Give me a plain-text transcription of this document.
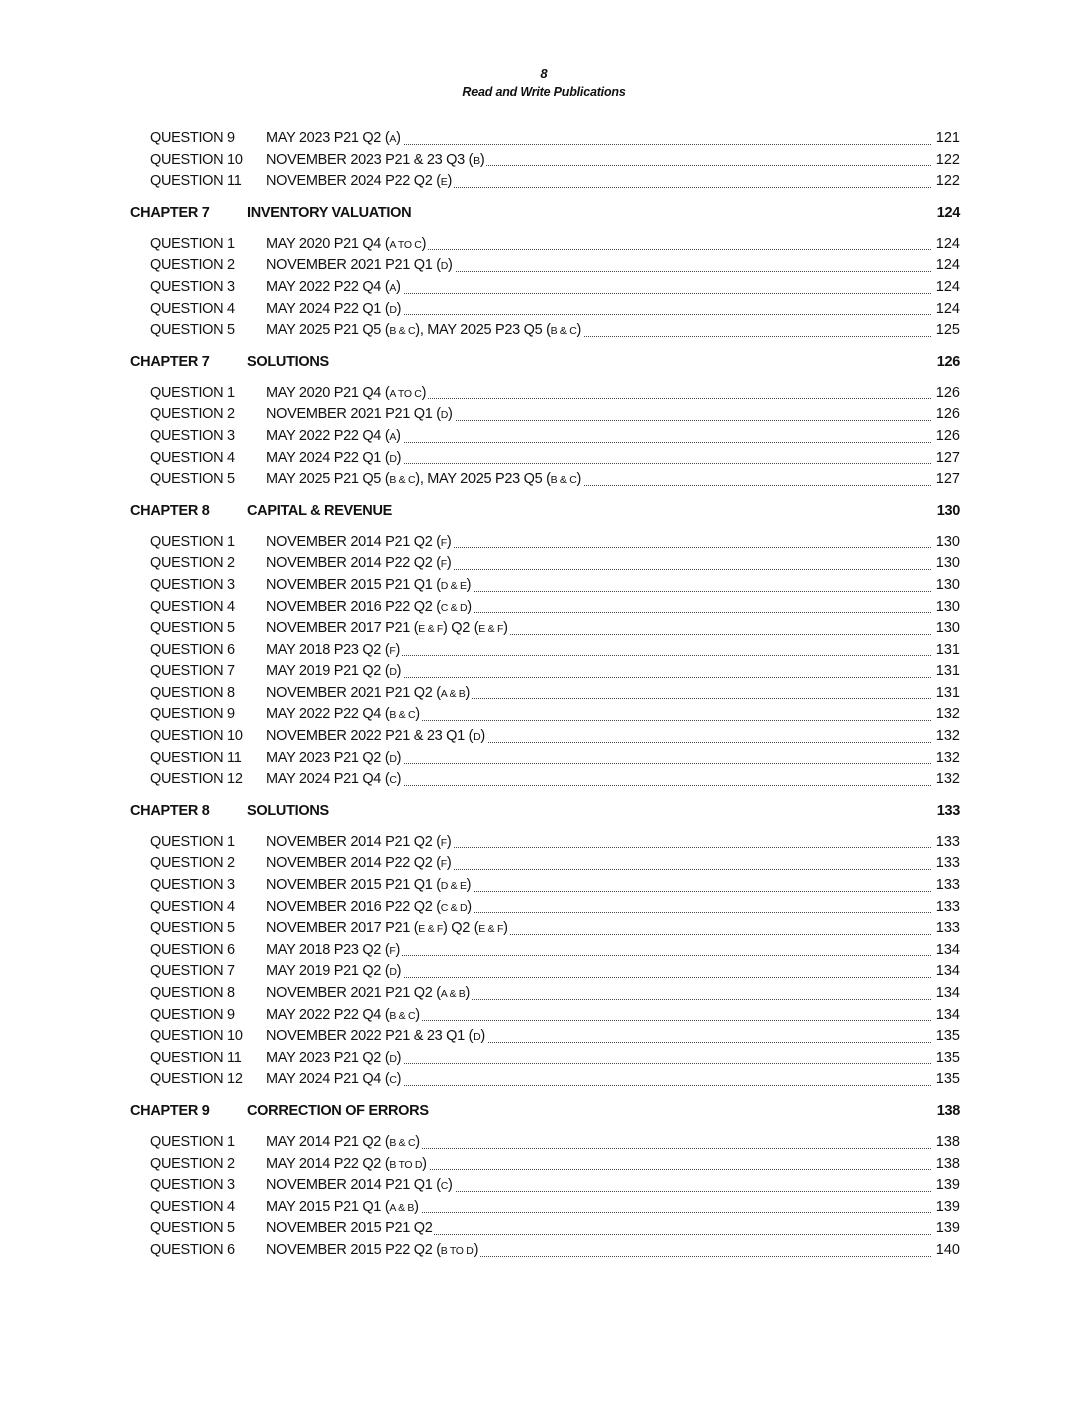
8
Read and Write Publications
QUESTION 9 MAY 2023 P21 Q2 (A)	121
QUESTION 10 NOVEMBER 2023 P21 & 23 Q3 (B)	122
QUESTION 11 NOVEMBER 2024 P22 Q2 (E)	122
CHAPTER 7	INVENTORY VALUATION	124
QUESTION 1 MAY 2020 P21 Q4 (A TO C)	124
QUESTION 2 NOVEMBER 2021 P21 Q1 (D)	124
QUESTION 3 MAY 2022 P22 Q4 (A)	124
QUESTION 4 MAY 2024 P22 Q1 (D)	124
QUESTION 5 MAY 2025 P21 Q5 (B & C), MAY 2025 P23 Q5 (B & C)	125
CHAPTER 7	SOLUTIONS	126
QUESTION 1 MAY 2020 P21 Q4 (A TO C)	126
QUESTION 2 NOVEMBER 2021 P21 Q1 (D)	126
QUESTION 3 MAY 2022 P22 Q4 (A)	126
QUESTION 4 MAY 2024 P22 Q1 (D)	127
QUESTION 5 MAY 2025 P21 Q5 (B & C), MAY 2025 P23 Q5 (B & C)	127
CHAPTER 8	CAPITAL & REVENUE	130
QUESTION 1 NOVEMBER 2014 P21 Q2 (F)	130
QUESTION 2 NOVEMBER 2014 P22 Q2 (F)	130
QUESTION 3 NOVEMBER 2015 P21 Q1 (D & E)	130
QUESTION 4 NOVEMBER 2016 P22 Q2 (C & D)	130
QUESTION 5 NOVEMBER 2017 P21 (E & F) Q2 (E & F)	130
QUESTION 6 MAY 2018 P23 Q2 (F)	131
QUESTION 7 MAY 2019 P21 Q2 (D)	131
QUESTION 8 NOVEMBER 2021 P21 Q2 (A & B)	131
QUESTION 9 MAY 2022 P22 Q4 (B & C)	132
QUESTION 10 NOVEMBER 2022 P21 & 23 Q1 (D)	132
QUESTION 11 MAY 2023 P21 Q2 (D)	132
QUESTION 12 MAY 2024 P21 Q4 (C)	132
CHAPTER 8	SOLUTIONS	133
QUESTION 1 NOVEMBER 2014 P21 Q2 (F)	133
QUESTION 2 NOVEMBER 2014 P22 Q2 (F)	133
QUESTION 3 NOVEMBER 2015 P21 Q1 (D & E)	133
QUESTION 4 NOVEMBER 2016 P22 Q2 (C & D)	133
QUESTION 5 NOVEMBER 2017 P21 (E & F) Q2 (E & F)	133
QUESTION 6 MAY 2018 P23 Q2 (F)	134
QUESTION 7 MAY 2019 P21 Q2 (D)	134
QUESTION 8 NOVEMBER 2021 P21 Q2 (A & B)	134
QUESTION 9 MAY 2022 P22 Q4 (B & C)	134
QUESTION 10 NOVEMBER 2022 P21 & 23 Q1 (D)	135
QUESTION 11 MAY 2023 P21 Q2 (D)	135
QUESTION 12 MAY 2024 P21 Q4 (C)	135
CHAPTER 9	CORRECTION OF ERRORS	138
QUESTION 1 MAY 2014 P21 Q2 (B & C)	138
QUESTION 2 MAY 2014 P22 Q2 (B TO D)	138
QUESTION 3 NOVEMBER 2014 P21 Q1 (C)	139
QUESTION 4 MAY 2015 P21 Q1 (A & B)	139
QUESTION 5 NOVEMBER 2015 P21 Q2	139
QUESTION 6 NOVEMBER 2015 P22 Q2 (B TO D)	140
